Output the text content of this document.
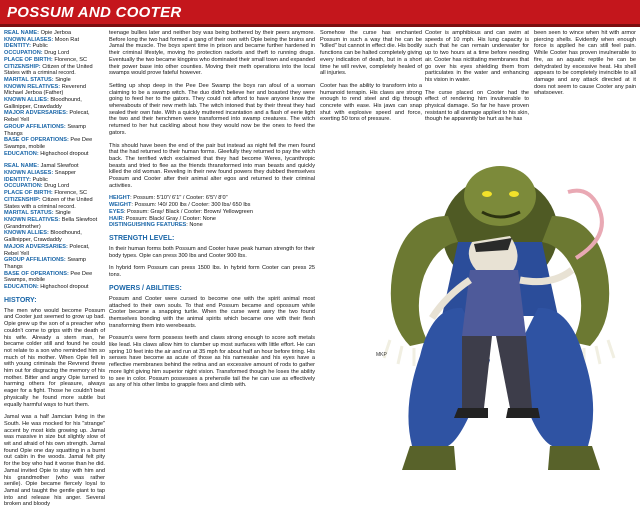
POSSUM AND COOTER
REAL NAME: Opie Jerboa
KNOWN ALIASES: Moon Rat
IDENTITY: Public
OCCUPATION: Drug Lord
PLACE OF BIRTH: Florence, SC
CITIZENSHIP: Citizen of the United States with a criminal record.
MARITAL STATUS: Single
KNOWN RELATIVES: Reverend Michael Jerboa (Father)
KNOWN ALLIES: Bloodhound, Gallinipper, Crawdaddy
MAJOR ADVERSARIES: Polecat, Rebel Yell
GROUP AFFILIATIONS: Swamp Thangs
BASE OF OPERATIONS: Pee Dee Swamps, mobile
EDUCATION: Highschool dropout
REAL NAME: Jamal Slewfoot
KNOWN ALIASES: Snapper
IDENTITY: Public
OCCUPATION: Drug Lord
PLACE OF BIRTH: Florence, SC
CITIZENSHIP: Citizen of the United States with a criminal record.
MARITAL STATUS: Single
KNOWN RELATIVES: Bella Slewfoot (Grandmother)
KNOWN ALLIES: Bloodhound, Gallinipper, Crawdaddy
MAJOR ADVERSARIES: Polecat, Rebel Yell
GROUP AFFILIATIONS: Swamp Thangs
BASE OF OPERATIONS: Pee Dee Swamps, mobile
EDUCATION: Highschool dropout
HISTORY:

The men who would become Possum and Cooter just seemed to grow up bad. Opie grew up the son of a preacher who couldn't come to grips with the death of his wife. Already a stern man, he became colder still and found he could not relate to a son who reminded him so much of his mother. When Opie fell in with young criminals the Revrend threw him out for disgracing the memory of his mother. Bitter and angry Opie turned to harming others for pleasure, always eager for a fight. Those he couldn't beat physically he found more subtle but equally harmful ways to hurt them.

Jamal was a half Jamcian living in the South. He was mocked for his "strange" accent by most kids growing up. Jamal was massive in size but slightly slow of wit and afraid of his own strength. Jamal found Opie one day squatting in a burnt out cabin in the woods. Jamal felt pity for the boy who had it worse than he did. Jamal invited Opie to stay with him and his grandmother (who was rather senile). Opie became fiercely loyal to Jamal and taught the gentle giant to tap into and release his anger. Several broken and bloody

teenage bullies later and neither boy was being bothered by their peers anymore. Before long the two had formed a gang of their own with Opie being the brains and Jamal the muscle. The boys spent time in prison and became further hardened in their criminal lifestyle, moving fro protection rackets and theft to running drugs. Eventually the two became kingpins who dominated their small town and expanded their power base into other counties. Moving their meth operations into the local swamps would prove fateful however.

Setting up shop deep in the Pee Dee Swamp the boys ran afoul of a woman claiming to be a swamp witch. The duo didn't believe her and boasted they were going to feed her to the gators. They could not afford to have anyone know the whereabouts of their new meth lab. The witch intoned that by their threat they had sealed their own fate. With a quickly muttered incantation and a flash of eerie light the two and their henchmen were transformed into swamp creatures. The witch returned to her hut cackling about how they would now be the ones to feed the gators.

This should have been the end of the pair but instead as night fell the men found that the had returned to their human forms. Gleefully they returned to pay the witch back. The terrified witch exclaimed that they had become Weres, lycanthropic beasts and tried to flee as the friends thransformed into man beasts and quickly killed the old woman. Reveling in their new found powers they dubbed themselves Possum and Cooter after their animal alter egos and returned to their criminal activities.

HEIGHT: Possum: 5'10"/ 6'1" / Cooter: 6'5"/ 8'0"
WEIGHT: Possum: !40/ 200 lbs / Cooter: 300 lbs/ 650 lbs
EYES: Possum: Gray/ Black / Cooter: Brown/ Yellowgreen
HAIR: Possum: Black/ Gray / Cooter: None
DISTINGUISHING FEATURES: None
STRENGTH LEVEL:

In their human forms both Possum and Cooter have peak human strength for their body types. Opie can press 300 lbs and Cooter 900 lbs.

In hybrid form Possum can press 1500 lbs. In hybrid form Cooter can press 25 tons.

POWERS / ABILITIES:

Possum and Cooter were cursed to become one with the spirit animal most attached to their own souls. To that end Possum became and opossum while Cooter became a snapping turtle. When the curse went awry the two found themselves bonding with the animal spirits which became one with their flesh transforming them into werebeasts.

Possum's were form possess teeth and claws strong enough to score soft metals like lead. His claws allow him to clamber up most surfaces with little effort. He can spring 10 feet into the air and run at 35 mph for about half an hour before tiring. His senses have become as acute of those as his namesake and his eyes have a reflective membranes behind the retina and an excessive amount of rods to gather more light giving him superior night vision. Transformed though he loses the ability to see in color. Possum possesses a prehensile tail the he can use as effectively as any of his other limbs to grapple foes and climb with.

Somehow the curse has enchanted Possum in such a way that he can be "killed" but cannot in effect die. His bodily functions can be halted completely giving every indication of death, but in a short time he will revive, completely healed of all injuries.

Cooter has the ability to transform into a humanoid terrapin. His claws are strong enough to rend steel and dig through concrete with ease. His jaws can snap shut with explosive speed and force, exerting 50 tons of pressure.

Cooter is amphibious and can swim at speeds of 10 mph. His lung capacity is such that he can remain underwater for up to two hours at a time before needing air. Cooter has nictitating membranes that go over his eyes shielding them from particulates in the water and enhancing his vision in water.

The curse placed on Cooter had the effect of rendering him invulnerable to physical damage. So far he have proven resistant to all damage applied to his skin, though he apparently be hurt as he has

been seen to wince when hit with armor piercing shells. Evidently when enough force is applied he can still feel pain. While Cooter has proven invulnerable to fire, as an aquatic reptile he can be dehydrated by excessive heat. His shell appears to be completely invincible to all damage and any attack directed at it does not seem to cause Cooter any pain whatsoever.

MKP
